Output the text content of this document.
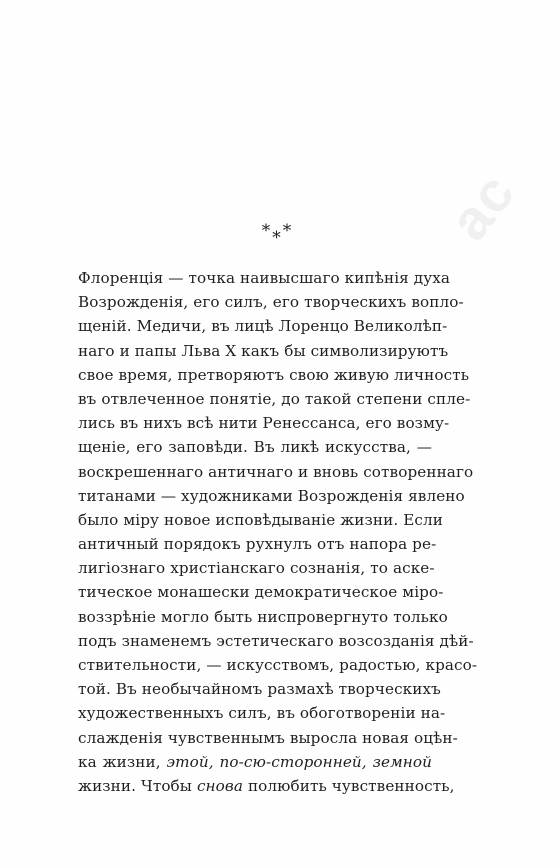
ac
***
Флоренція — точка наивысшаго кипѣнія духа
Возрожденія, его силъ, его творческихъ вопло-
щеній. Медичи, въ лицѣ Лоренцо Великолѣп-
наго и папы Льва X какъ бы символизируютъ
свое время, претворяютъ свою живую личность
въ отвлеченное понятіе, до такой степени спле-
лись въ нихъ всѣ нити Ренессанса, его возму-
щеніе, его заповѣди. Въ ликѣ искусства, —
воскрешеннаго античнаго и вновь сотвореннаго
титанами — художниками Возрожденія явлено
было міру новое исповѣдываніе жизни. Если
античный порядокъ рухнулъ отъ напора ре-
лигіознаго христіанскаго сознанія, то аске-
тическое монашески демократическое міро-
воззрѣніе могло быть ниспровергнуто только
подъ знаменемъ эстетическаго возсозданія дѣй-
ствительности, — искусствомъ, радостью, красо-
той. Въ необычайномъ размахѣ творческихъ
художественныхъ силъ, въ обоготвореніи на-
слажденія чувственнымъ выросла новая оцѣн-
ка жизни, этой, по-сю-сторонней, земной
жизни. Чтобы снова полюбить чувственность,
